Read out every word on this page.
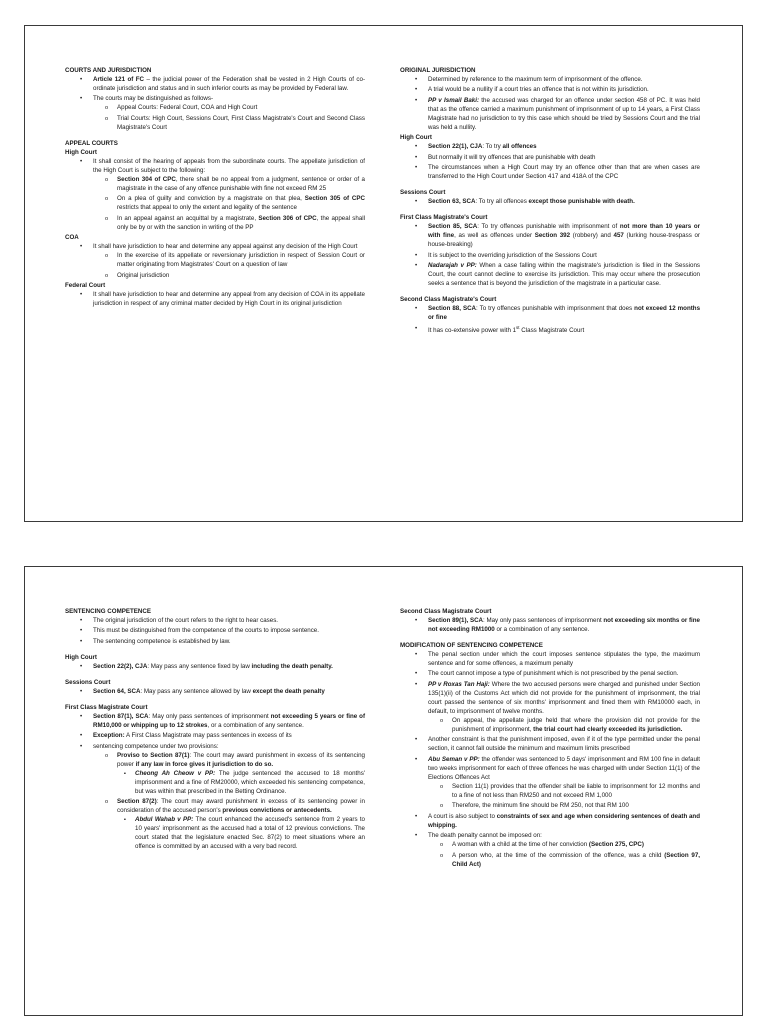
COURTS AND JURISDICTION

• Article 121 of FC – the judicial power of the Federation shall be vested in 2 High Courts of co-ordinate jurisdiction and status and in such inferior courts as may be provided by Federal law.
• The courts may be distinguished as follows-
o Appeal Courts: Federal Court, COA and High Court
o Trial Courts: High Court, Sessions Court, First Class Magistrate's Court and Second Class Magistrate's Court

APPEAL COURTS

High Court

• It shall consist of the hearing of appeals from the subordinate courts. The appellate jurisdiction of the High Court is subject to the following:
o Section 304 of CPC, there shall be no appeal from a judgment, sentence or order of a magistrate in the case of any offence punishable with fine not exceed RM 25
o On a plea of guilty and conviction by a magistrate on that plea, Section 305 of CPC restricts that appeal to only the extent and legality of the sentence
o In an appeal against an acquittal by a magistrate, Section 306 of CPC, the appeal shall only be by or with the sanction in writing of the PP

COA

• It shall have jurisdiction to hear and determine any appeal against any decision of the High Court
o In the exercise of its appellate or reversionary jurisdiction in respect of Session Court or matter originating from Magistrates' Court on a question of law
o Original jurisdiction

Federal Court

• It shall have jurisdiction to hear and determine any appeal from any decision of COA in its appellate jurisdiction in respect of any criminal matter decided by High Court in its original jurisdiction

ORIGINAL JURISDICTION

• Determined by reference to the maximum term of imprisonment of the offence.
• A trial would be a nullity if a court tries an offence that is not within its jurisdiction.
• PP v Ismail Baki: the accused was charged for an offence under section 458 of PC. It was held that as the offence carried a maximum punishment of imprisonment of up to 14 years, a First Class Magistrate had no jurisdiction to try this case which should be tried by Sessions Court and the trial was held a nullity.

High Court

• Section 22(1), CJA: To try all offences
• But normally it will try offences that are punishable with death
• The circumstances when a High Court may try an offence other than that are when cases are transferred to the High Court under Section 417 and 418A of the CPC

Sessions Court

• Section 63, SCA: To try all offences except those punishable with death.

First Class Magistrate's Court

• Section 85, SCA: To try offences punishable with imprisonment of not more than 10 years or with fine, as well as offences under Section 392 (robbery) and 457 (lurking house-trespass or house-breaking)
• It is subject to the overriding jurisdiction of the Sessions Court
• Nadarajah v PP: When a case falling within the magistrate's jurisdiction is filed in the Sessions Court, the court cannot decline to exercise its jurisdiction. This may occur where the prosecution seeks a sentence that is beyond the jurisdiction of the magistrate in a particular case.

Second Class Magistrate's Court

• Section 88, SCA: To try offences punishable with imprisonment that does not exceed 12 months or fine
• It has co-extensive power with 1st Class Magistrate Court

SENTENCING COMPETENCE

• The original jurisdiction of the court refers to the right to hear cases.
• This must be distinguished from the competence of the courts to impose sentence.
• The sentencing competence is established by law.

High Court

• Section 22(2), CJA: May pass any sentence fixed by law including the death penalty.

Sessions Court

• Section 64, SCA: May pass any sentence allowed by law except the death penalty

First Class Magistrate Court

• Section 87(1), SCA: May only pass sentences of imprisonment not exceeding 5 years or fine of RM10,000 or whipping up to 12 strokes, or a combination of any sentence.
• Exception: A First Class Magistrate may pass sentences in excess of its
• sentencing competence under two provisions:
o Proviso to Section 87(1): The court may award punishment in excess of its sentencing power if any law in force gives it jurisdiction to do so.
▪ Cheong Ah Cheow v PP: The judge sentenced the accused to 18 months' imprisonment and a fine of RM20000, which exceeded his sentencing competence, but was within that prescribed in the Betting Ordinance.
o Section 87(2): The court may award punishment in excess of its sentencing power in consideration of the accused person's previous convictions or antecedents.
▪ Abdul Wahab v PP: The court enhanced the accused's sentence from 2 years to 10 years' imprisonment as the accused had a total of 12 previous convictions. The court stated that the legislature enacted Sec. 87(2) to meet situations where an offence is committed by an accused with a very bad record.

Second Class Magistrate Court

• Section 89(1), SCA: May only pass sentences of imprisonment not exceeding six months or fine not exceeding RM1000 or a combination of any sentence.

MODIFICATION OF SENTENCING COMPETENCE

• The penal section under which the court imposes sentence stipulates the type, the maximum sentence and for some offences, a maximum penalty
• The court cannot impose a type of punishment which is not prescribed by the penal section.
• PP v Roxas Tan Haji: Where the two accused persons were charged and punished under Section 135(1)(ii) of the Customs Act which did not provide for the punishment of imprisonment, the trial court passed the sentence of six months' imprisonment and fined them with RM10000 each, in default, to imprisonment of twelve months.
o On appeal, the appellate judge held that where the provision did not provide for the punishment of imprisonment, the trial court had clearly exceeded its jurisdiction.
• Another constraint is that the punishment imposed, even if it of the type permitted under the penal section, it cannot fall outside the minimum and maximum limits prescribed
• Abu Seman v PP: the offender was sentenced to 5 days' imprisonment and RM 100 fine in default two weeks imprisonment for each of three offences he was charged with under Section 11(1) of the Elections Offences Act
o Section 11(1) provides that the offender shall be liable to imprisonment for 12 months and to a fine of not less than RM250 and not exceed RM 1,000
o Therefore, the minimum fine should be RM 250, not that RM 100
• A court is also subject to constraints of sex and age when considering sentences of death and whipping.
• The death penalty cannot be imposed on:
o A woman with a child at the time of her conviction (Section 275, CPC)
o A person who, at the time of the commission of the offence, was a child (Section 97, Child Act)
